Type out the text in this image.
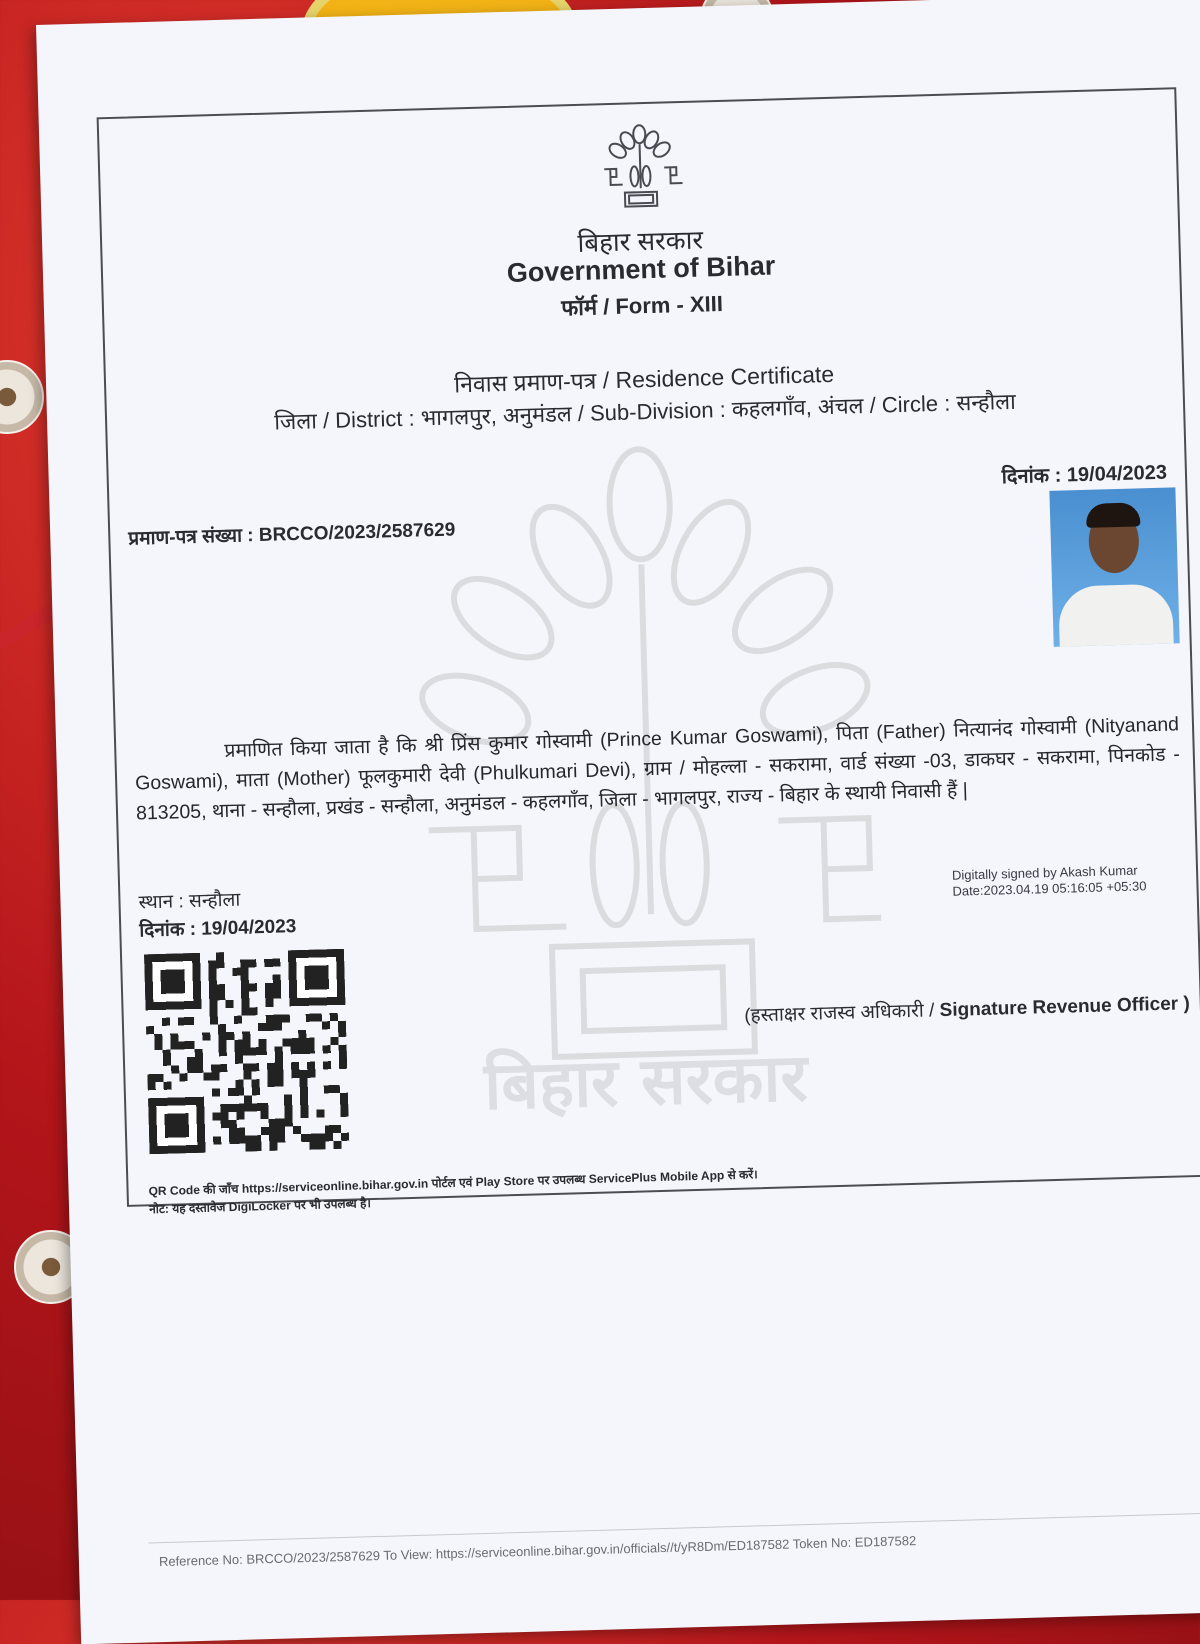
बिहार सरकार
बिहार सरकार
Government of Bihar
फॉर्म / Form - XIII
निवास प्रमाण-पत्र / Residence Certificate
जिला / District : भागलपुर, अनुमंडल / Sub-Division : कहलगाँव, अंचल / Circle : सन्हौला
दिनांक : 19/04/2023
प्रमाण-पत्र संख्या : BRCCO/2023/2587629
प्रमाणित किया जाता है कि श्री प्रिंस कुमार गोस्वामी (Prince Kumar Goswami), पिता (Father) नित्यानंद गोस्वामी (Nityanand Goswami), माता (Mother) फूलकुमारी देवी (Phulkumari Devi), ग्राम / मोहल्ला - सकरामा, वार्ड संख्या -03, डाकघर - सकरामा, पिनकोड - 813205, थाना - सन्हौला, प्रखंड - सन्हौला, अनुमंडल - कहलगाँव, जिला - भागलपुर, राज्य - बिहार के स्थायी निवासी हैं |
स्थान : सन्हौला
दिनांक : 19/04/2023
Digitally signed by Akash Kumar
Date:2023.04.19 05:16:05 +05:30
(हस्ताक्षर राजस्व अधिकारी / Signature Revenue Officer )
QR Code की जाँच https://serviceonline.bihar.gov.in पोर्टल एवं Play Store पर उपलब्ध ServicePlus Mobile App से करें।
नोट: यह दस्तावेज DigiLocker पर भी उपलब्ध है।
Reference No: BRCCO/2023/2587629 To View: https://serviceonline.bihar.gov.in/officials//t/yR8Dm/ED187582 Token No: ED187582
